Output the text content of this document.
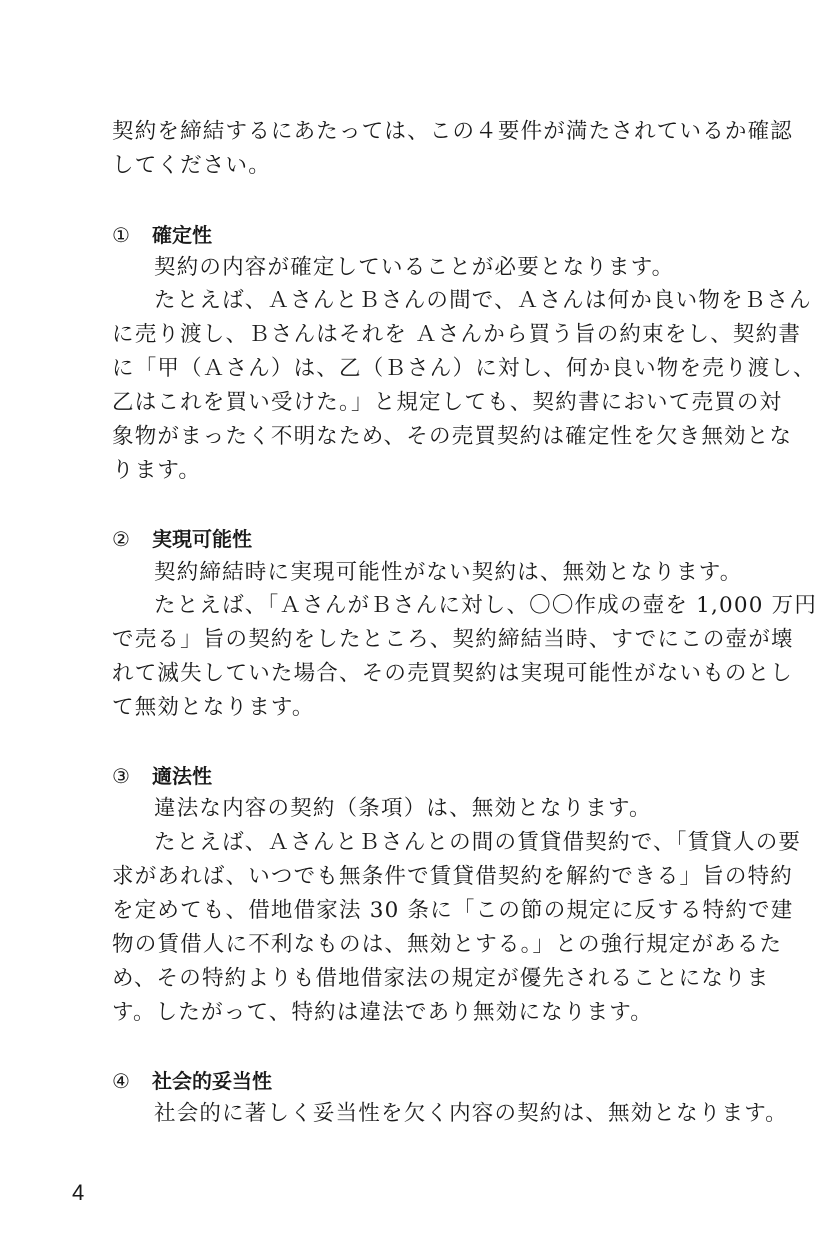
契約を締結するにあたっては、この４要件が満たされているか確認
してください。
① 確定性
契約の内容が確定していることが必要となります。
たとえば、ＡさんとＢさんの間で、Ａさんは何か良い物をＢさん
に売り渡し、Ｂさんはそれを Ａさんから買う旨の約束をし、契約書
に「甲（Ａさん）は、乙（Ｂさん）に対し、何か良い物を売り渡し、
乙はこれを買い受けた。」と規定しても、契約書において売買の対
象物がまったく不明なため、その売買契約は確定性を欠き無効とな
ります。
② 実現可能性
契約締結時に実現可能性がない契約は、無効となります。
たとえば、「ＡさんがＢさんに対し、〇〇作成の壺を 1,000 万円
で売る」旨の契約をしたところ、契約締結当時、すでにこの壺が壊
れて滅失していた場合、その売買契約は実現可能性がないものとし
て無効となります。
③ 適法性
違法な内容の契約（条項）は、無効となります。
たとえば、ＡさんとＢさんとの間の賃貸借契約で、「賃貸人の要
求があれば、いつでも無条件で賃貸借契約を解約できる」旨の特約
を定めても、借地借家法 30 条に「この節の規定に反する特約で建
物の賃借人に不利なものは、無効とする。」との強行規定があるた
め、その特約よりも借地借家法の規定が優先されることになりま
す。したがって、特約は違法であり無効になります。
④ 社会的妥当性
社会的に著しく妥当性を欠く内容の契約は、無効となります。
4
